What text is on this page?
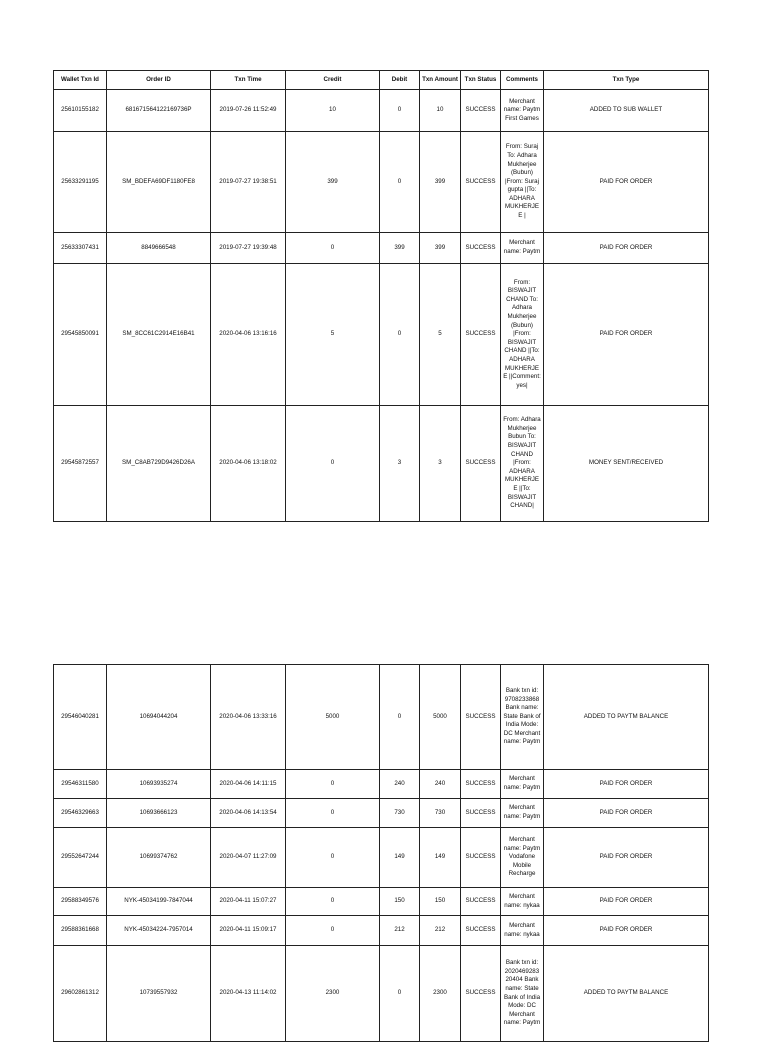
Wallet Txn Id	Order ID	Txn Time	Credit	Debit	Txn Amount	Txn Status	Comments	Txn Type
25610155182	681671564122169736P	2019-07-26 11:52:49	10	0	10	SUCCESS	Merchant name: Paytm First Games	ADDED TO SUB WALLET
25633291195	SM_BDEFA69DF1180FE8	2019-07-27 19:38:51	399	0	399	SUCCESS	From: Suraj To: Adhara Mukherjee (Bubun) |From: Suraj gupta ||To: ADHARA MUKHERJEE |	PAID FOR ORDER
25633307431	8849666548	2019-07-27 19:39:48	0	399	399	SUCCESS	Merchant name: Paytm	PAID FOR ORDER
29545850091	SM_8CC61C2914E16B41	2020-04-06 13:16:16	5	0	5	SUCCESS	From: BISWAJIT CHAND To: Adhara Mukherjee (Bubun) |From: BISWAJIT CHAND ||To: ADHARA MUKHERJEE ||Comment: yes|	PAID FOR ORDER
29545872557	SM_C8AB729D9426D26A	2020-04-06 13:18:02	0	3	3	SUCCESS	From: Adhara Mukherjee Bubun To: BISWAJIT CHAND |From: ADHARA MUKHERJEE ||To: BISWAJIT CHAND|	MONEY SENT/RECEIVED
29546040281	10694044204	2020-04-06 13:33:16	5000	0	5000	SUCCESS	Bank txn id: 9708233868 Bank name: State Bank of India Mode: DC Merchant name: Paytm	ADDED TO PAYTM BALANCE
29546311580	10693935274	2020-04-06 14:11:15	0	240	240	SUCCESS	Merchant name: Paytm	PAID FOR ORDER
29546329663	10693666123	2020-04-06 14:13:54	0	730	730	SUCCESS	Merchant name: Paytm	PAID FOR ORDER
29552647244	10699374762	2020-04-07 11:27:09	0	149	149	SUCCESS	Merchant name: Paytm Vodafone Mobile Recharge	PAID FOR ORDER
29588349576	NYK-45034199-7847044	2020-04-11 15:07:27	0	150	150	SUCCESS	Merchant name: nykaa	PAID FOR ORDER
29588361668	NYK-45034224-7957014	2020-04-11 15:09:17	0	212	212	SUCCESS	Merchant name: nykaa	PAID FOR ORDER
29602861312	10739557932	2020-04-13 11:14:02	2300	0	2300	SUCCESS	Bank txn id: 2020469283 20404 Bank name: State Bank of India Mode: DC Merchant name: Paytm	ADDED TO PAYTM BALANCE
